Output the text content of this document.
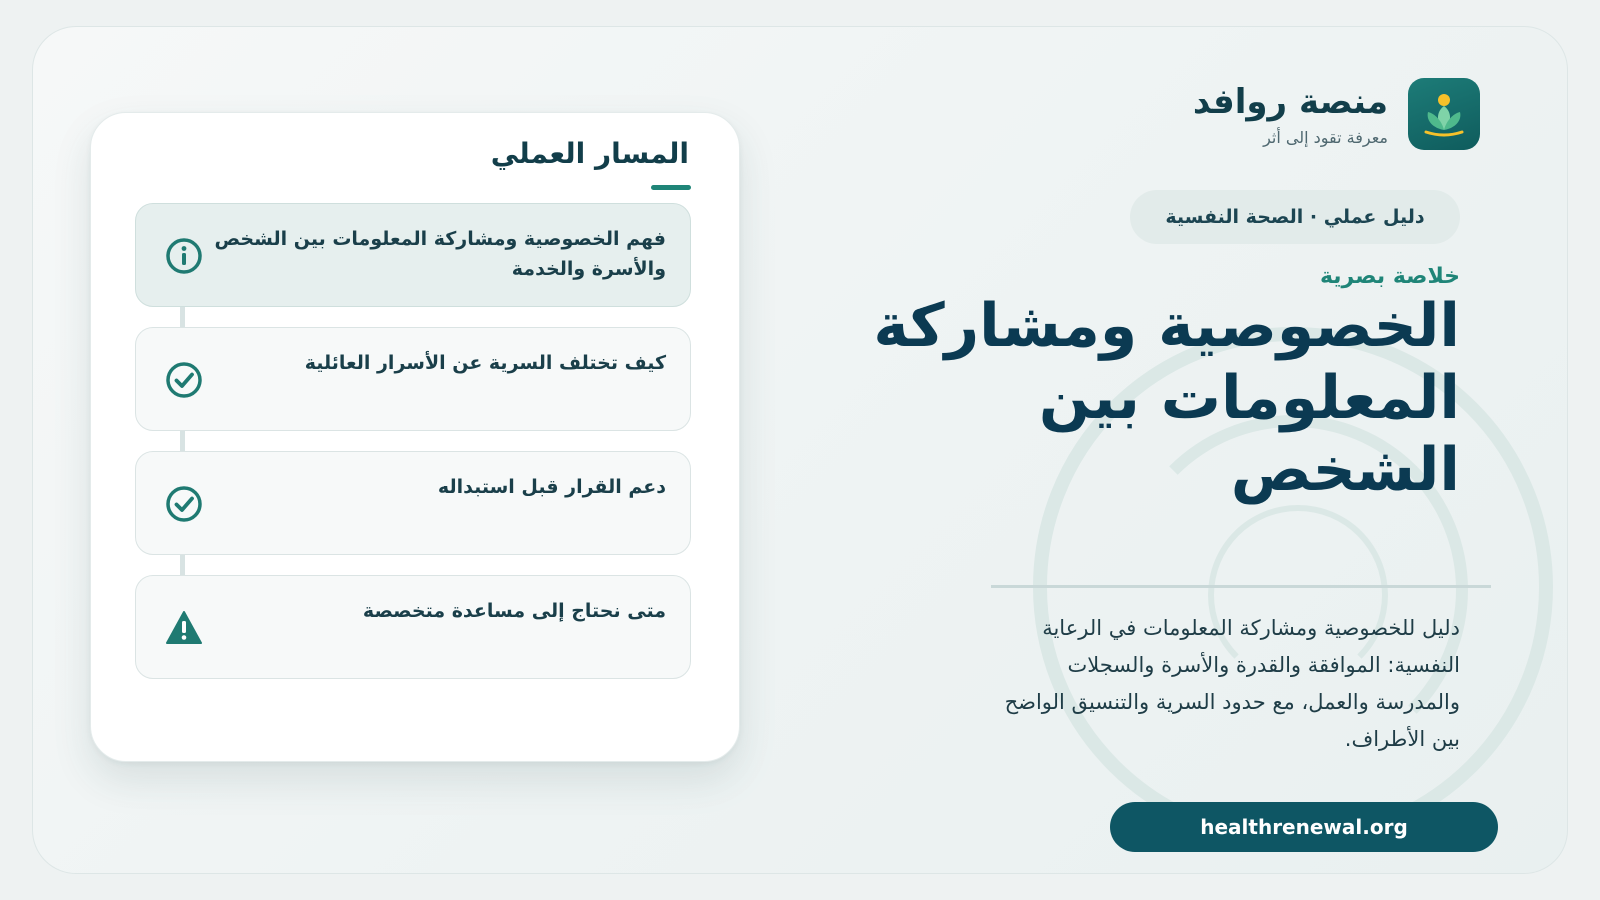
منصة روافد
معرفة تقود إلى أثر
دليل عملي · الصحة النفسية
خلاصة بصرية
الخصوصية ومشاركة المعلومات بين الشخص
دليل للخصوصية ومشاركة المعلومات في الرعاية النفسية: الموافقة والقدرة والأسرة والسجلات والمدرسة والعمل، مع حدود السرية والتنسيق الواضح بين الأطراف.
healthrenewal.org
المسار العملي
فهم الخصوصية ومشاركة المعلومات بين الشخص والأسرة والخدمة
كيف تختلف السرية عن الأسرار العائلية
دعم القرار قبل استبداله
متى نحتاج إلى مساعدة متخصصة
